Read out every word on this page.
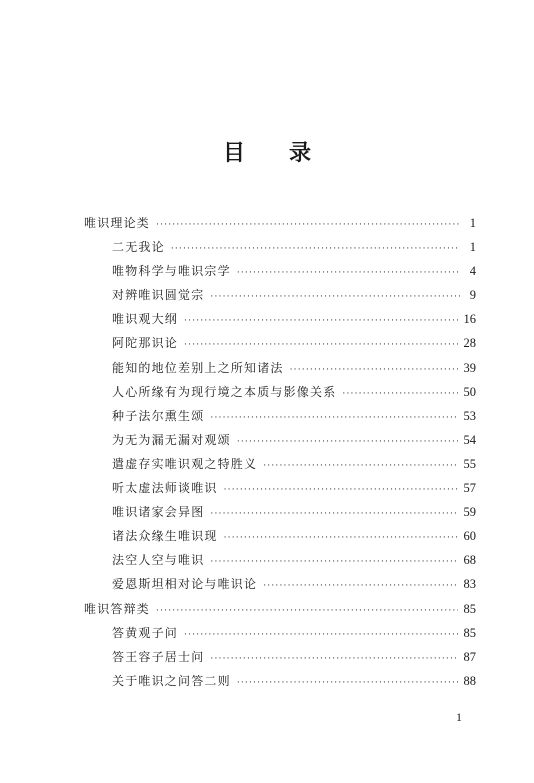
目录
唯识理论类 ·····	1
二无我论 ·····	1
唯物科学与唯识宗学 ·····	4
对辨唯识圆觉宗 ·····	9
唯识观大纲 ·····	16
阿陀那识论 ·····	28
能知的地位差别上之所知诸法 ·····	39
人心所缘有为现行境之本质与影像关系 ·····	50
种子法尔熏生颂 ·····	53
为无为漏无漏对观颂 ·····	54
遣虚存实唯识观之特胜义 ·····	55
听太虚法师谈唯识 ·····	57
唯识诸家会异图 ·····	59
诸法众缘生唯识现 ·····	60
法空人空与唯识 ·····	68
爱恩斯坦相对论与唯识论 ·····	83
唯识答辩类 ·····	85
答黄观子问 ·····	85
答王容子居士问 ·····	87
关于唯识之问答二则 ·····	88
1
